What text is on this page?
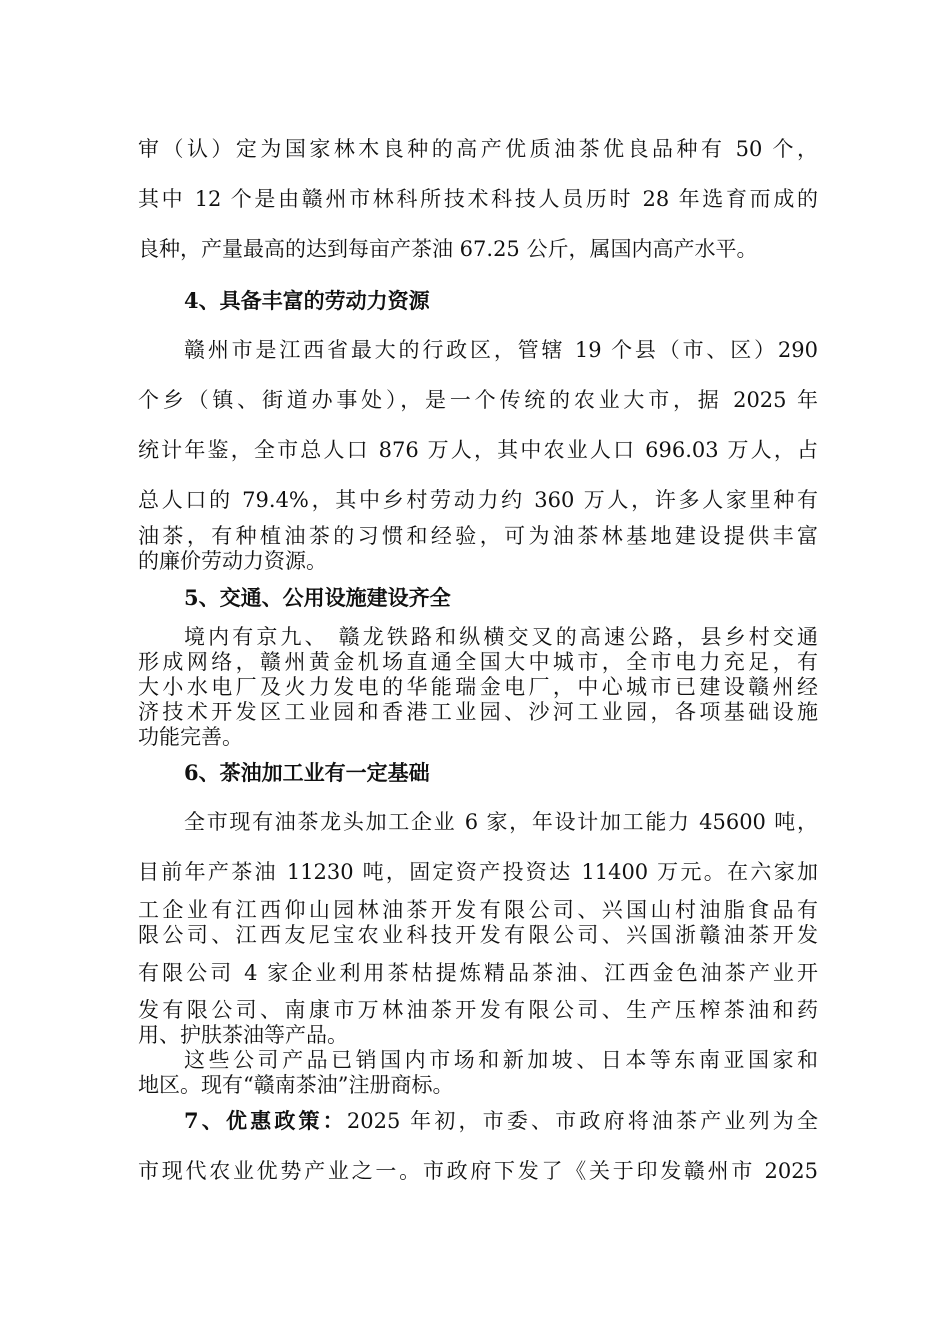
审（认）定为国家林木良种的高产优质油茶优良品种有 50 个，
其中 12 个是由赣州市林科所技术科技人员历时 28 年选育而成的
良种，产量最高的达到每亩产茶油 67.25 公斤，属国内高产水平。
4、具备丰富的劳动力资源
赣州市是江西省最大的行政区，管辖 19 个县（市、区）290
个乡（镇、街道办事处），是一个传统的农业大市，据 2025 年
统计年鉴，全市总人口 876 万人，其中农业人口 696.03 万人，占
总人口的 79.4%，其中乡村劳动力约 360 万人，许多人家里种有
油茶，有种植油茶的习惯和经验，可为油茶林基地建设提供丰富
的廉价劳动力资源。
5、交通、公用设施建设齐全
境内有京九、 赣龙铁路和纵横交叉的高速公路，县乡村交通
形成网络，赣州黄金机场直通全国大中城市，全市电力充足，有
大小水电厂及火力发电的华能瑞金电厂，中心城市已建设赣州经
济技术开发区工业园和香港工业园、沙河工业园，各项基础设施
功能完善。
6、茶油加工业有一定基础
全市现有油茶龙头加工企业 6 家，年设计加工能力 45600 吨，
目前年产茶油 11230 吨，固定资产投资达 11400 万元。在六家加
工企业有江西仰山园林油茶开发有限公司、兴国山村油脂食品有
限公司、江西友尼宝农业科技开发有限公司、兴国浙赣油茶开发
有限公司 4 家企业利用茶枯提炼精品茶油、江西金色油茶产业开
发有限公司、南康市万林油茶开发有限公司、生产压榨茶油和药
用、护肤茶油等产品。
这些公司产品已销国内市场和新加坡、日本等东南亚国家和
地区。现有“赣南茶油”注册商标。
7、优惠政策：2025 年初，市委、市政府将油茶产业列为全
市现代农业优势产业之一。市政府下发了《关于印发赣州市 2025
